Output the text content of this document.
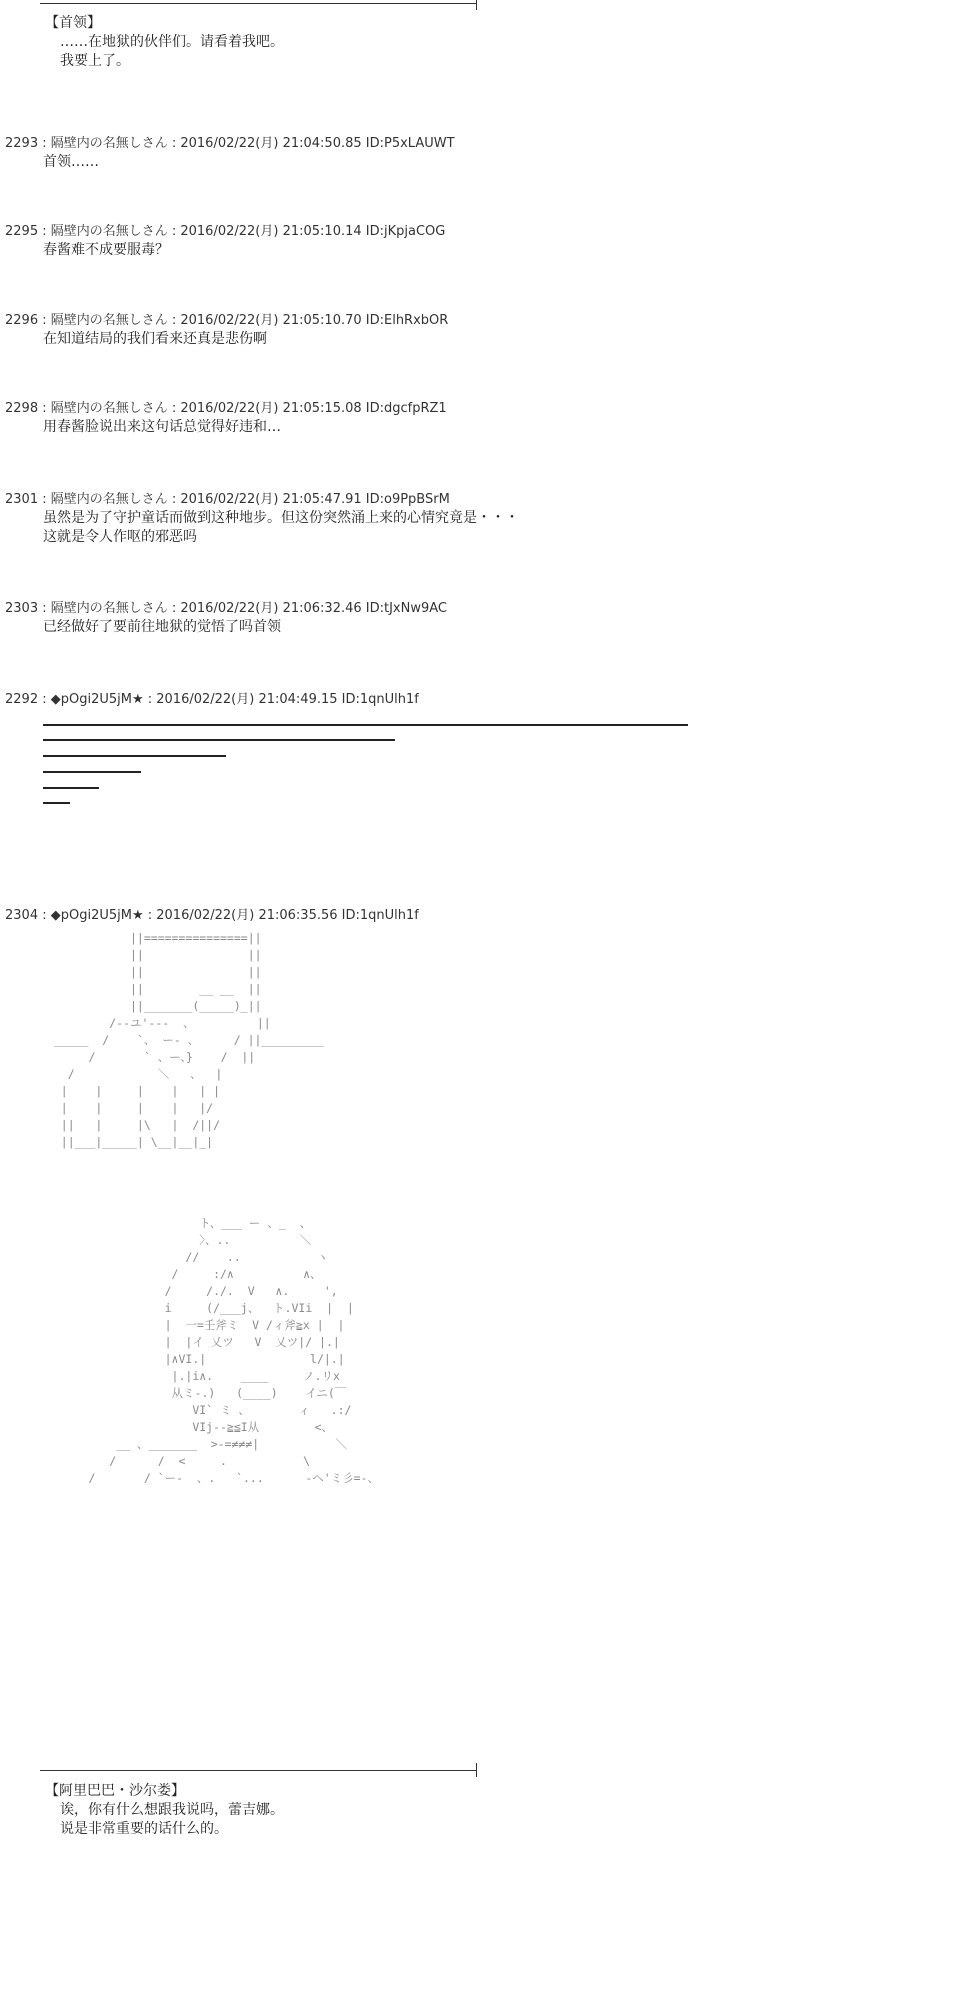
【首领】
……在地狱的伙伴们。请看着我吧。
我要上了。
2293 : 隔壁内の名無しさん : 2016/02/22(月) 21:04:50.85 ID:P5xLAUWT
首领……
2295 : 隔壁内の名無しさん : 2016/02/22(月) 21:05:10.14 ID:jKpjaCOG
春酱难不成要服毒？
2296 : 隔壁内の名無しさん : 2016/02/22(月) 21:05:10.70 ID:ElhRxbOR
在知道结局的我们看来还真是悲伤啊
2298 : 隔壁内の名無しさん : 2016/02/22(月) 21:05:15.08 ID:dgcfpRZ1
用春酱脸说出来这句话总觉得好违和…
2301 : 隔壁内の名無しさん : 2016/02/22(月) 21:05:47.91 ID:o9PpBSrM
虽然是为了守护童话而做到这种地步。但这份突然涌上来的心情究竟是・・・
这就是令人作呕的邪恶吗
2303 : 隔壁内の名無しさん : 2016/02/22(月) 21:06:32.46 ID:tJxNw9AC
已经做好了要前往地狱的觉悟了吗首领
2292 : ◆pOgi2U5jM★ : 2016/02/22(月) 21:04:49.15 ID:1qnUlh1f
2304 : ◆pOgi2U5jM★ : 2016/02/22(月) 21:06:35.56 ID:1qnUlh1f
||===============||
||               ||
||               ||
||        __ __  ||
||_______(_____)_||
/--ユ'---  、         ||
_____  /    `、 ー- 、     / ||_________
/       ` 、ー、}    /  ||
/            ＼   、  |
|    |     |    |   | |
|    |     |    |   |/
||   |     |\   |  /||/
||___|_____| \__|__|_|
ト、___ ー 、_  、
〉、..          ＼
//    ..           ヽ
/     :/∧          ∧、
/     /./.  V   ∧.     ',
i     (/___j、  ト.VIi  |  |
|  一=壬斧ミ  V /ィ斧≧x |  |
|  |イ 乂ツ   V  乂ツ|/ |.|
|∧VI.|               l/|.|
|.|i∧.    ____     ノ.リx
从ミ-.)   (____)    イニ(￣
VI` ミ 、       ィ   .:/
VIj--≧≦I从        <、
__ 、_______  >-=≠≠≠|           ＼
/      /  <     .           \
/       / `ー-  、.   `...      -ヘ'ミ彡=-、
【阿里巴巴・沙尔娄】
诶，你有什么想跟我说吗，蕾吉娜。
说是非常重要的话什么的。
